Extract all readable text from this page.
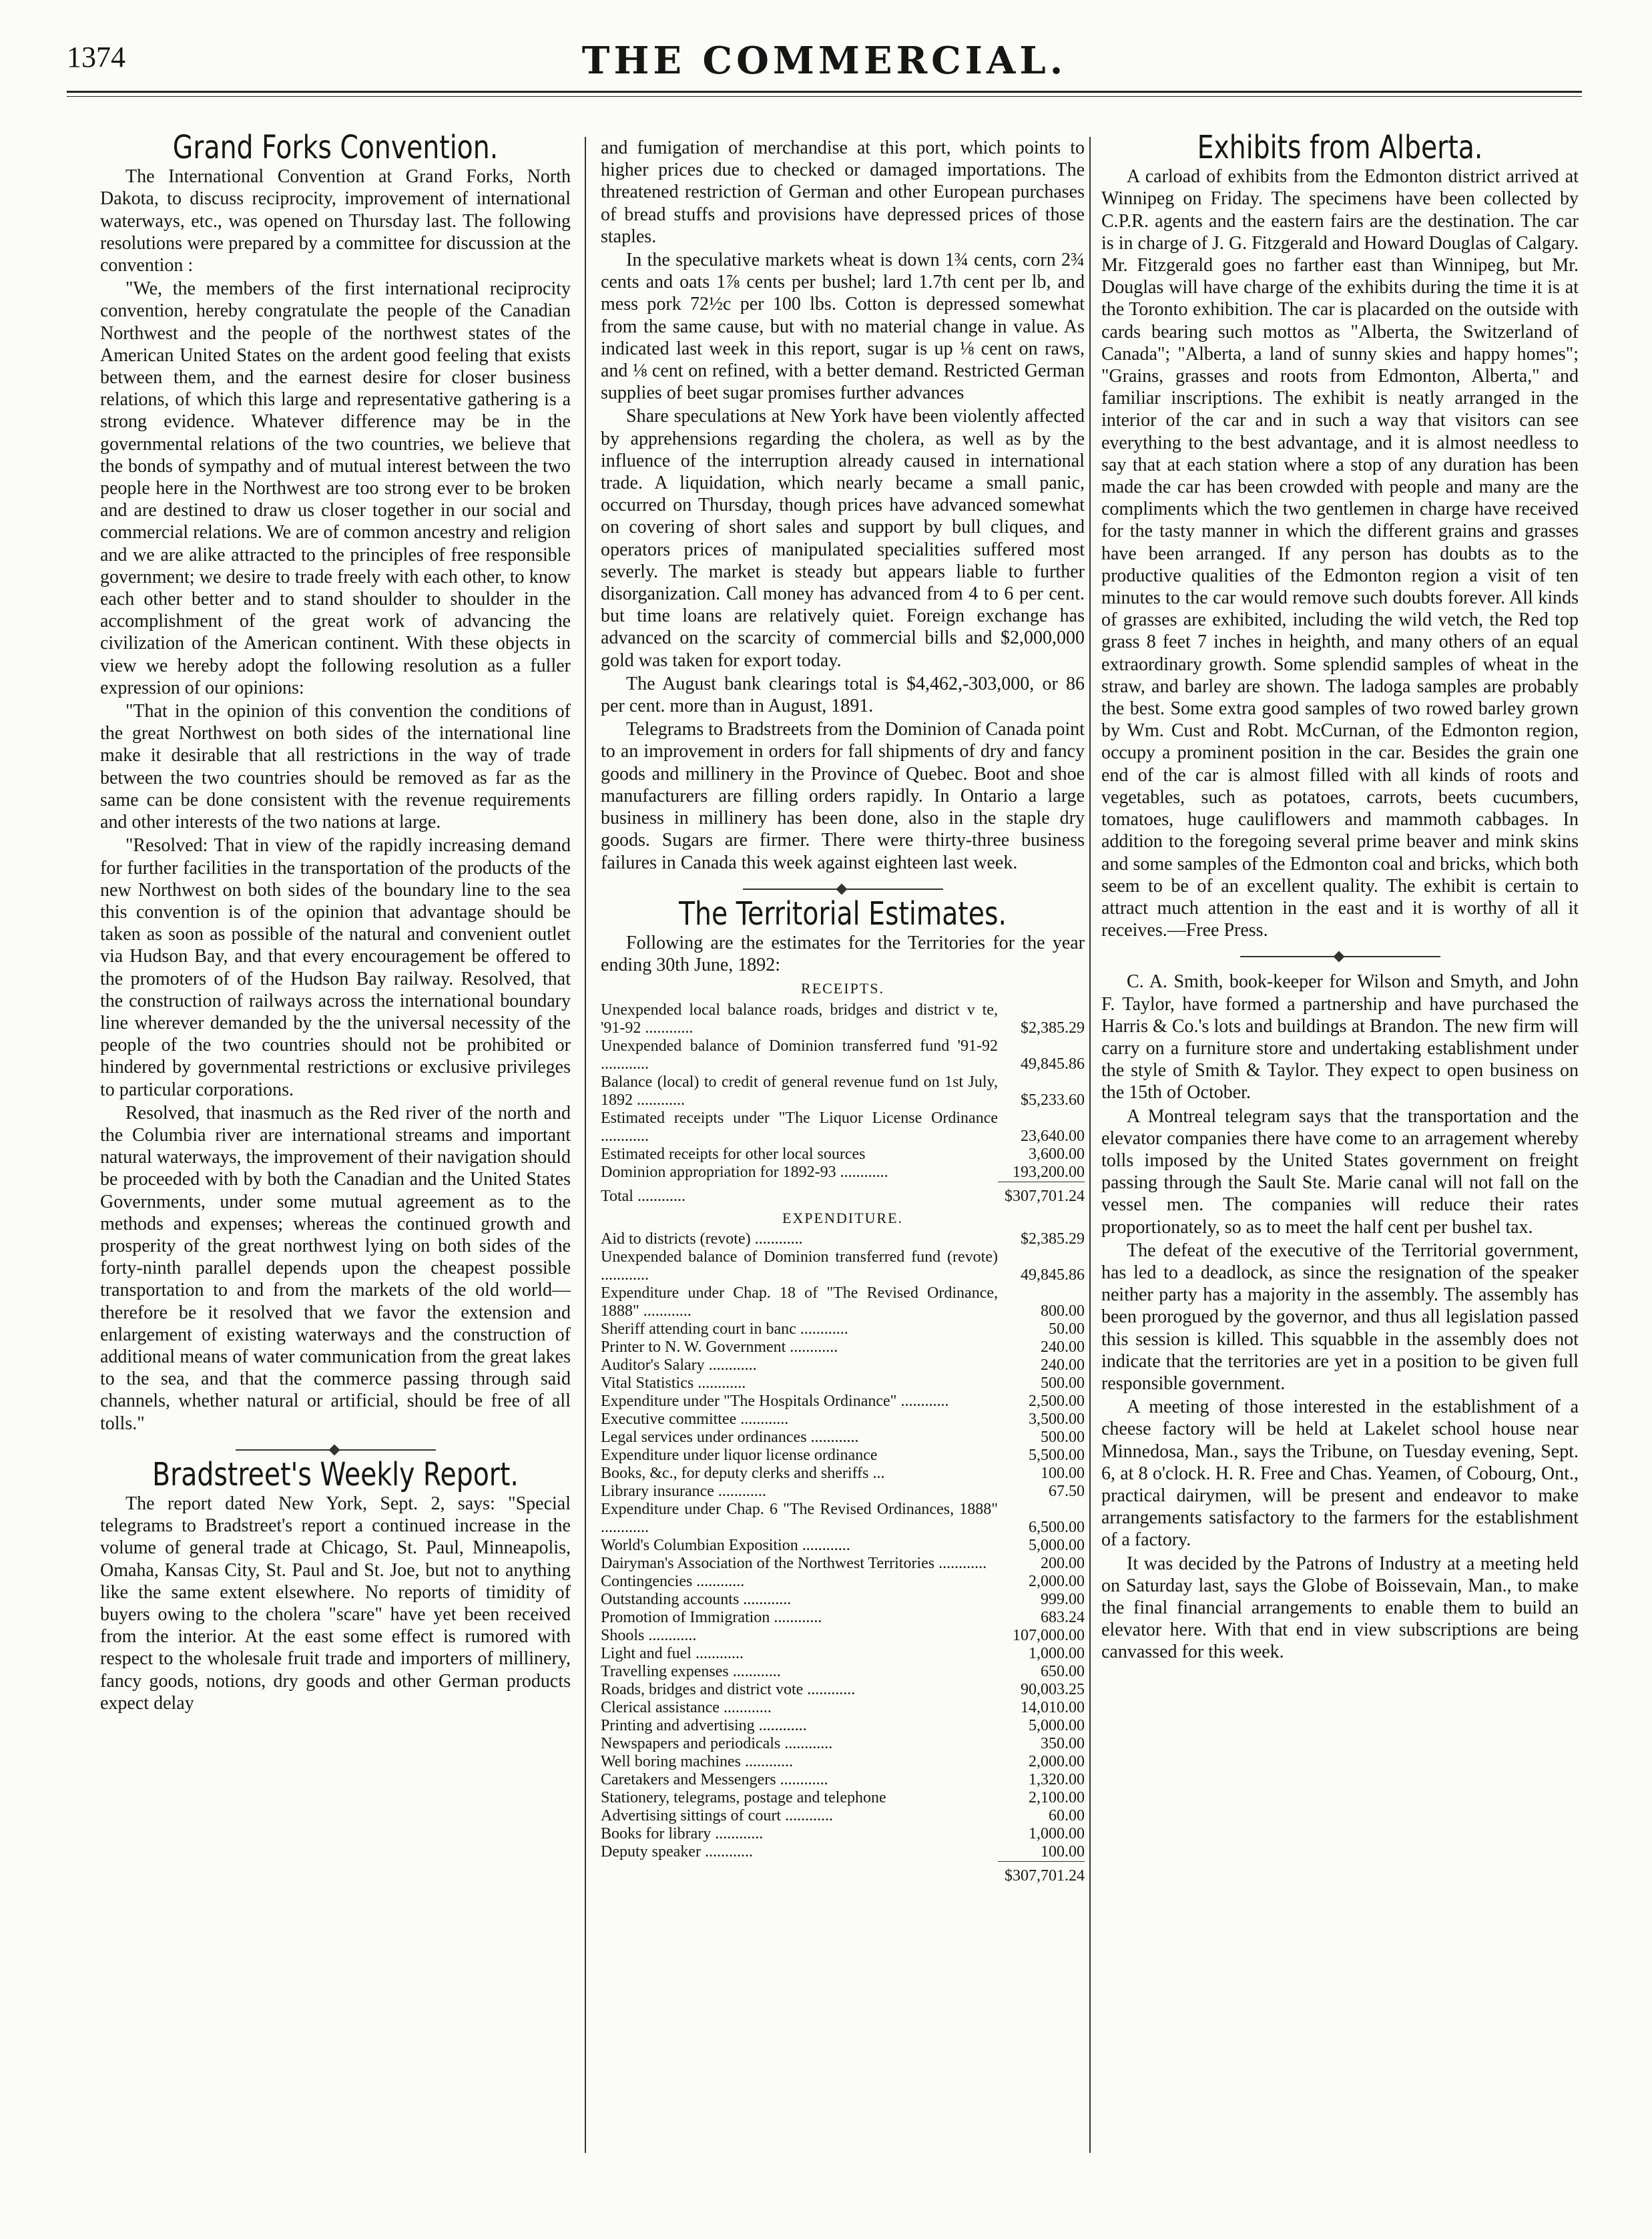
1374	THE COMMERCIAL.
Grand Forks Convention.

The International Convention at Grand Forks, North Dakota, to discuss reciprocity, improvement of international waterways, etc., was opened on Thursday last. The following resolutions were prepared by a committee for discussion at the convention :

"We, the members of the first international reciprocity convention, hereby congratulate the people of the Canadian Northwest and the people of the northwest states of the American United States on the ardent good feeling that exists between them, and the earnest desire for closer business relations, of which this large and representative gathering is a strong evidence. Whatever difference may be in the governmental relations of the two countries, we believe that the bonds of sympathy and of mutual interest between the two people here in the Northwest are too strong ever to be broken and are destined to draw us closer together in our social and commercial relations. We are of common ancestry and religion and we are alike attracted to the principles of free responsible government; we desire to trade freely with each other, to know each other better and to stand shoulder to shoulder in the accomplishment of the great work of advancing the civilization of the American continent. With these objects in view we hereby adopt the following resolution as a fuller expression of our opinions:

"That in the opinion of this convention the conditions of the great Northwest on both sides of the international line make it desirable that all restrictions in the way of trade between the two countries should be removed as far as the same can be done consistent with the revenue requirements and other interests of the two nations at large.

"Resolved: That in view of the rapidly increasing demand for further facilities in the transportation of the products of the new Northwest on both sides of the boundary line to the sea this convention is of the opinion that advantage should be taken as soon as possible of the natural and convenient outlet via Hudson Bay, and that every encouragement be offered to the promoters of of the Hudson Bay railway. Resolved, that the construction of railways across the international boundary line wherever demanded by the the universal necessity of the people of the two countries should not be prohibited or hindered by governmental restrictions or exclusive privileges to particular corporations.

Resolved, that inasmuch as the Red river of the north and the Columbia river are international streams and important natural waterways, the improvement of their navigation should be proceeded with by both the Canadian and the United States Governments, under some mutual agreement as to the methods and expenses; whereas the continued growth and prosperity of the great northwest lying on both sides of the forty-ninth parallel depends upon the cheapest possible transportation to and from the markets of the old world—therefore be it resolved that we favor the extension and enlargement of existing waterways and the construction of additional means of water communication from the great lakes to the sea, and that the commerce passing through said channels, whether natural or artificial, should be free of all tolls."

Bradstreet's Weekly Report.

The report dated New York, Sept. 2, says: "Special telegrams to Bradstreet's report a continued increase in the volume of general trade at Chicago, St. Paul, Minneapolis, Omaha, Kansas City, St. Paul and St. Joe, but not to anything like the same extent elsewhere. No reports of timidity of buyers owing to the cholera "scare" have yet been received from the interior. At the east some effect is rumored with respect to the wholesale fruit trade and importers of millinery, fancy goods, notions, dry goods and other German products expect delay

and fumigation of merchandise at this port, which points to higher prices due to checked or damaged importations. The threatened restriction of German and other European purchases of bread stuffs and provisions have depressed prices of those staples.

In the speculative markets wheat is down 1¾ cents, corn 2¾ cents and oats 1⅞ cents per bushel; lard 1.7th cent per lb, and mess pork 72½c per 100 lbs. Cotton is depressed somewhat from the same cause, but with no material change in value. As indicated last week in this report, sugar is up ⅛ cent on raws, and ⅛ cent on refined, with a better demand. Restricted German supplies of beet sugar promises further advances

Share speculations at New York have been violently affected by apprehensions regarding the cholera, as well as by the influence of the interruption already caused in international trade. A liquidation, which nearly became a small panic, occurred on Thursday, though prices have advanced somewhat on covering of short sales and support by bull cliques, and operators prices of manipulated specialities suffered most severly. The market is steady but appears liable to further disorganization. Call money has advanced from 4 to 6 per cent. but time loans are relatively quiet. Foreign exchange has advanced on the scarcity of commercial bills and $2,000,000 gold was taken for export today.

The August bank clearings total is $4,462,-303,000, or 86 per cent. more than in August, 1891.

Telegrams to Bradstreets from the Dominion of Canada point to an improvement in orders for fall shipments of dry and fancy goods and millinery in the Province of Quebec. Boot and shoe manufacturers are filling orders rapidly. In Ontario a large business in millinery has been done, also in the staple dry goods. Sugars are firmer. There were thirty-three business failures in Canada this week against eighteen last week.

The Territorial Estimates.

Following are the estimates for the Territories for the year ending 30th June, 1892:

RECEIPTS.
Unexpended local balance roads, bridges and district v te, '91-92 ............	$2,385.29
Unexpended balance of Dominion transferred fund '91-92 ............	49,845.86
Balance (local) to credit of general revenue fund on 1st July, 1892 ............	$5,233.60
Estimated receipts under "The Liquor License Ordinance ............	23,640.00
Estimated receipts for other local sources	3,600.00
Dominion appropriation for 1892-93 ............	193,200.00
Total ............	$307,701.24
EXPENDITURE.
Aid to districts (revote) ............	$2,385.29
Unexpended balance of Dominion transferred fund (revote) ............	49,845.86
Expenditure under Chap. 18 of "The Revised Ordinance, 1888" ............	800.00
Sheriff attending court in banc ............	50.00
Printer to N. W. Government ............	240.00
Auditor's Salary ............	240.00
Vital Statistics ............	500.00
Expenditure under "The Hospitals Ordinance" ............	2,500.00
Executive committee ............	3,500.00
Legal services under ordinances ............	500.00
Expenditure under liquor license ordinance	5,500.00
Books, &c., for deputy clerks and sheriffs ...	100.00
Library insurance ............	67.50
Expenditure under Chap. 6 "The Revised Ordinances, 1888" ............	6,500.00
World's Columbian Exposition ............	5,000.00
Dairyman's Association of the Northwest Territories ............	200.00
Contingencies ............	2,000.00
Outstanding accounts ............	999.00
Promotion of Immigration ............	683.24
Shools ............	107,000.00
Light and fuel ............	1,000.00
Travelling expenses ............	650.00
Roads, bridges and district vote ............	90,003.25
Clerical assistance ............	14,010.00
Printing and advertising ............	5,000.00
Newspapers and periodicals ............	350.00
Well boring machines ............	2,000.00
Caretakers and Messengers ............	1,320.00
Stationery, telegrams, postage and telephone	2,100.00
Advertising sittings of court ............	60.00
Books for library ............	1,000.00
Deputy speaker ............	100.00
	$307,701.24
Exhibits from Alberta.

A carload of exhibits from the Edmonton district arrived at Winnipeg on Friday. The specimens have been collected by C.P.R. agents and the eastern fairs are the destination. The car is in charge of J. G. Fitzgerald and Howard Douglas of Calgary. Mr. Fitzgerald goes no farther east than Winnipeg, but Mr. Douglas will have charge of the exhibits during the time it is at the Toronto exhibition. The car is placarded on the outside with cards bearing such mottos as "Alberta, the Switzerland of Canada"; "Alberta, a land of sunny skies and happy homes"; "Grains, grasses and roots from Edmonton, Alberta," and familiar inscriptions. The exhibit is neatly arranged in the interior of the car and in such a way that visitors can see everything to the best advantage, and it is almost needless to say that at each station where a stop of any duration has been made the car has been crowded with people and many are the compliments which the two gentlemen in charge have received for the tasty manner in which the different grains and grasses have been arranged. If any person has doubts as to the productive qualities of the Edmonton region a visit of ten minutes to the car would remove such doubts forever. All kinds of grasses are exhibited, including the wild vetch, the Red top grass 8 feet 7 inches in heighth, and many others of an equal extraordinary growth. Some splendid samples of wheat in the straw, and barley are shown. The ladoga samples are probably the best. Some extra good samples of two rowed barley grown by Wm. Cust and Robt. McCurnan, of the Edmonton region, occupy a prominent position in the car. Besides the grain one end of the car is almost filled with all kinds of roots and vegetables, such as potatoes, carrots, beets cucumbers, tomatoes, huge cauliflowers and mammoth cabbages. In addition to the foregoing several prime beaver and mink skins and some samples of the Edmonton coal and bricks, which both seem to be of an excellent quality. The exhibit is certain to attract much attention in the east and it is worthy of all it receives.—Free Press.

C. A. Smith, book-keeper for Wilson and Smyth, and John F. Taylor, have formed a partnership and have purchased the Harris & Co.'s lots and buildings at Brandon. The new firm will carry on a furniture store and undertaking establishment under the style of Smith & Taylor. They expect to open business on the 15th of October.

A Montreal telegram says that the transportation and the elevator companies there have come to an arragement whereby tolls imposed by the United States government on freight passing through the Sault Ste. Marie canal will not fall on the vessel men. The companies will reduce their rates proportionately, so as to meet the half cent per bushel tax.

The defeat of the executive of the Territorial government, has led to a deadlock, as since the resignation of the speaker neither party has a majority in the assembly. The assembly has been prorogued by the governor, and thus all legislation passed this session is killed. This squabble in the assembly does not indicate that the territories are yet in a position to be given full responsible government.

A meeting of those interested in the establishment of a cheese factory will be held at Lakelet school house near Minnedosa, Man., says the Tribune, on Tuesday evening, Sept. 6, at 8 o'clock. H. R. Free and Chas. Yeamen, of Cobourg, Ont., practical dairymen, will be present and endeavor to make arrangements satisfactory to the farmers for the establishment of a factory.

It was decided by the Patrons of Industry at a meeting held on Saturday last, says the Globe of Boissevain, Man., to make the final financial arrangements to enable them to build an elevator here. With that end in view subscriptions are being canvassed for this week.
